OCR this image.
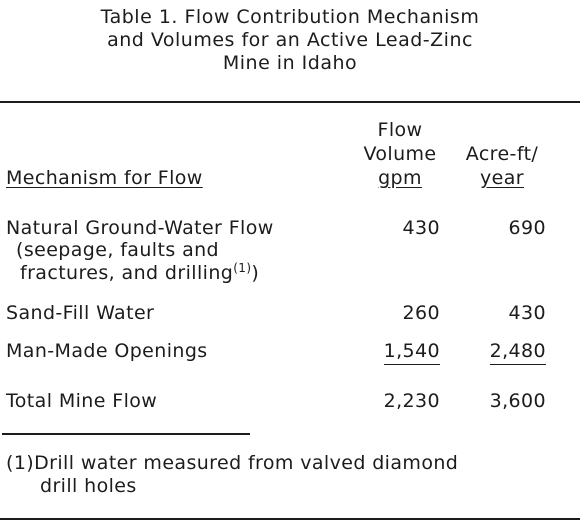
Table 1. Flow Contribution Mechanism
and Volumes for an Active Lead-Zinc
Mine in Idaho
Flow
Volume	Acre-ft/
Mechanism for Flow	gpm	year
Natural Ground-Water Flow	430	690
(seepage, faults and
fractures, and drilling$^{(1)}$)
Sand-Fill Water	260	430
Man-Made Openings	1,540	2,480
Total Mine Flow	2,230	3,600
(1)Drill water measured from valved diamond
drill holes
